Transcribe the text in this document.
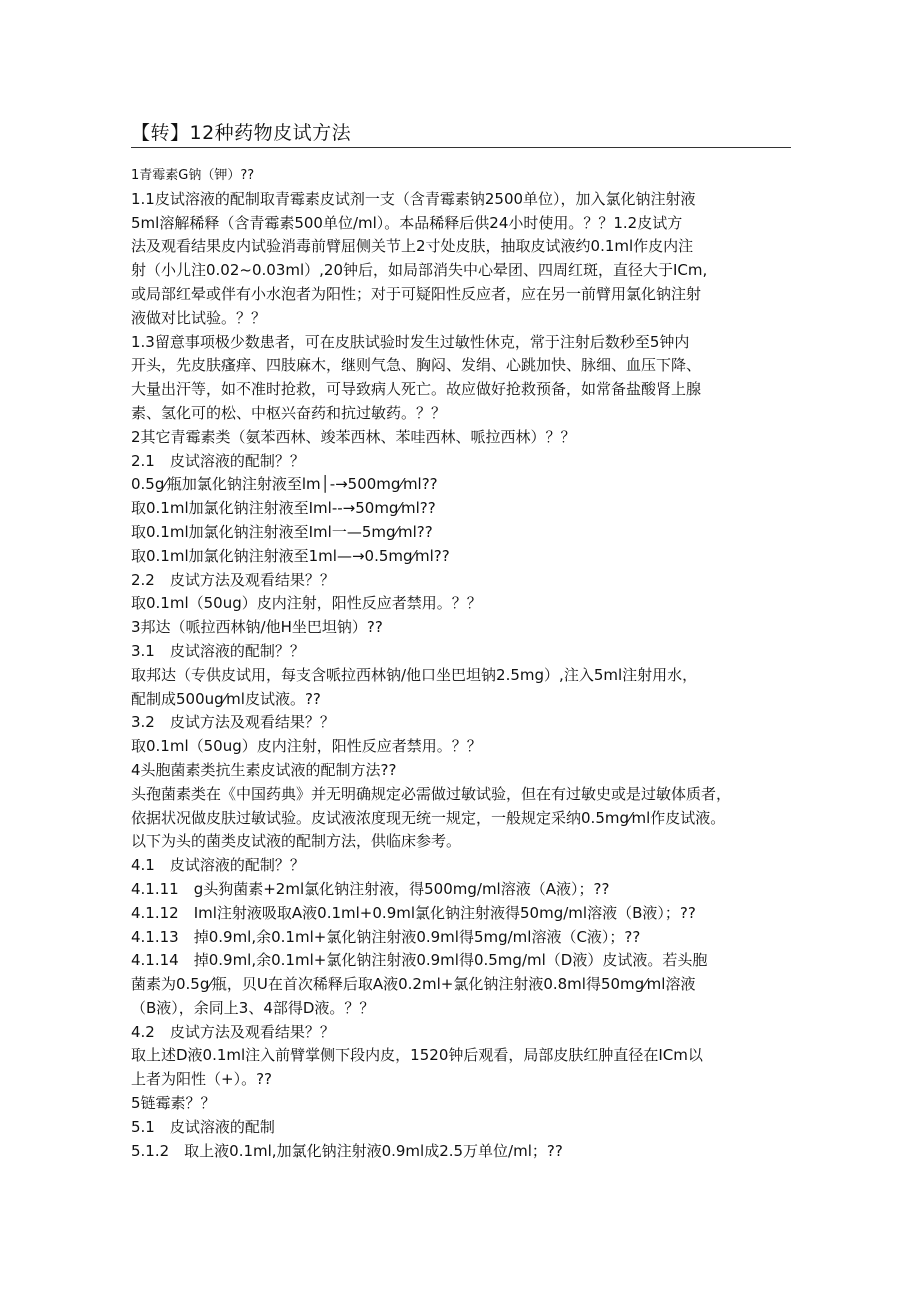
【转】12种药物皮试方法
1青霉素G钠（钾）??
1.1皮试溶液的配制取青霉素皮试剂一支（含青霉素钠2500单位），加入氯化钠注射液
5ml溶解稀释（含青霉素500单位/ml）。本品稀释后供24小时使用。？？1.2皮试方
法及观看结果皮内试验消毒前臂屈侧关节上2寸处皮肤，抽取皮试液约0.1ml作皮内注
射（小儿注0.02~0.03ml）,20钟后，如局部消失中心晕团、四周红斑，直径大于ICm,
或局部红晕或伴有小水泡者为阳性；对于可疑阳性反应者，应在另一前臂用氯化钠注射
液做对比试验。？？
1.3留意事项极少数患者，可在皮肤试验时发生过敏性休克，常于注射后数秒至5钟内
开头，先皮肤瘙痒、四肢麻木，继则气急、胸闷、发绢、心跳加快、脉细、血压下降、
大量出汗等，如不准时抢救，可导致病人死亡。故应做好抢救预备，如常备盐酸肾上腺
素、氢化可的松、中枢兴奋药和抗过敏药。？？
2其它青霉素类（氨苯西林、竣苯西林、苯哇西林、哌拉西林）？？
2.1　皮试溶液的配制？？
0.5g⁄瓶加氯化钠注射液至lm│-→500mg⁄ml??
取0.1ml加氯化钠注射液至Iml--→50mg⁄ml??
取0.1ml加氯化钠注射液至Iml一—5mg⁄ml??
取0.1ml加氯化钠注射液至1ml—→0.5mg⁄ml??
2.2　皮试方法及观看结果？？
取0.1ml（50ug）皮内注射，阳性反应者禁用。？？
3邦达（哌拉西林钠/他H坐巴坦钠）??
3.1　皮试溶液的配制？？
取邦达（专供皮试用，每支含哌拉西林钠/他口坐巴坦钠2.5mg）,注入5ml注射用水，
配制成500ug⁄ml皮试液。??
3.2　皮试方法及观看结果？？
取0.1ml（50ug）皮内注射，阳性反应者禁用。？？
4头胞菌素类抗生素皮试液的配制方法??
头孢菌素类在《中国药典》并无明确规定必需做过敏试验，但在有过敏史或是过敏体质者，
依据状况做皮肤过敏试验。皮试液浓度现无统一规定，一般规定采纳0.5mg⁄ml作皮试液。
以下为头的菌类皮试液的配制方法，供临床参考。
4.1　皮试溶液的配制？？
4.1.11　g头狗菌素+2ml氯化钠注射液，得500mg/ml溶液（A液）；??
4.1.12　Iml注射液吸取A液0.1ml+0.9ml氯化钠注射液得50mg/ml溶液（B液）；??
4.1.13　掉0.9ml,余0.1ml+氯化钠注射液0.9ml得5mg/ml溶液（C液）；??
4.1.14　掉0.9ml,余0.1ml+氯化钠注射液0.9ml得0.5mg/ml（D液）皮试液。若头胞
菌素为0.5g⁄瓶，贝U在首次稀释后取A液0.2ml+氯化钠注射液0.8ml得50mg⁄ml溶液
（B液），余同上3、4部得D液。？？
4.2　皮试方法及观看结果？？
取上述D液0.1ml注入前臂掌侧下段内皮，1520钟后观看，局部皮肤红肿直径在ICm以
上者为阳性（+）。??
5链霉素？？
5.1　皮试溶液的配制
5.1.2　取上液0.1ml,加氯化钠注射液0.9ml成2.5万单位/ml；??
